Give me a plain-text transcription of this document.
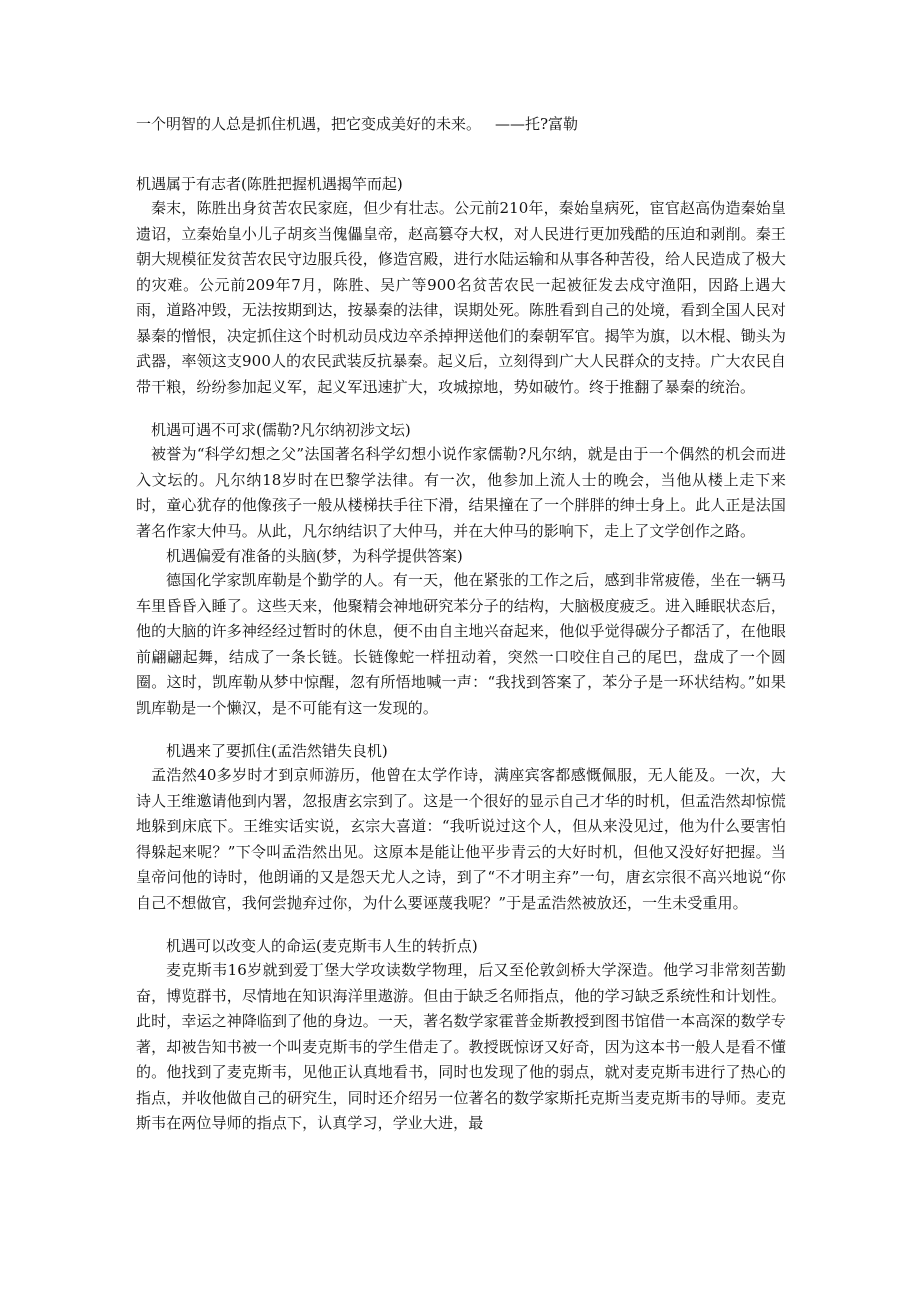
一个明智的人总是抓住机遇，把它变成美好的未来。 ——托?富勒

机遇属于有志者(陈胜把握机遇揭竿而起)

秦末，陈胜出身贫苦农民家庭，但少有壮志。公元前210年，秦始皇病死，宦官赵高伪造秦始皇遗诏，立秦始皇小儿子胡亥当傀儡皇帝，赵高篡夺大权，对人民进行更加残酷的压迫和剥削。秦王朝大规模征发贫苦农民守边服兵役，修造宫殿，进行水陆运输和从事各种苦役，给人民造成了极大的灾难。公元前209年7月，陈胜、吴广等900名贫苦农民一起被征发去戍守渔阳，因路上遇大雨，道路冲毁，无法按期到达，按暴秦的法律，误期处死。陈胜看到自己的处境，看到全国人民对暴秦的憎恨，决定抓住这个时机动员戍边卒杀掉押送他们的秦朝军官。揭竿为旗，以木棍、锄头为武器，率领这支900人的农民武装反抗暴秦。起义后，立刻得到广大人民群众的支持。广大农民自带干粮，纷纷参加起义军，起义军迅速扩大，攻城掠地，势如破竹。终于推翻了暴秦的统治。

机遇可遇不可求(儒勒?凡尔纳初涉文坛)

被誉为“科学幻想之父”法国著名科学幻想小说作家儒勒?凡尔纳，就是由于一个偶然的机会而进入文坛的。凡尔纳18岁时在巴黎学法律。有一次，他参加上流人士的晚会，当他从楼上走下来时，童心犹存的他像孩子一般从楼梯扶手往下滑，结果撞在了一个胖胖的绅士身上。此人正是法国著名作家大仲马。从此，凡尔纳结识了大仲马，并在大仲马的影响下，走上了文学创作之路。

机遇偏爱有准备的头脑(梦，为科学提供答案)

德国化学家凯库勒是个勤学的人。有一天，他在紧张的工作之后，感到非常疲倦，坐在一辆马车里昏昏入睡了。这些天来，他聚精会神地研究苯分子的结构，大脑极度疲乏。进入睡眠状态后，他的大脑的许多神经经过暂时的休息，便不由自主地兴奋起来，他似乎觉得碳分子都活了，在他眼前翩翩起舞，结成了一条长链。长链像蛇一样扭动着，突然一口咬住自己的尾巴，盘成了一个圆圈。这时，凯库勒从梦中惊醒，忽有所悟地喊一声：“我找到答案了，苯分子是一环状结构。”如果凯库勒是一个懒汉，是不可能有这一发现的。

机遇来了要抓住(孟浩然错失良机)

孟浩然40多岁时才到京师游历，他曾在太学作诗，满座宾客都感慨佩服，无人能及。一次，大诗人王维邀请他到内署，忽报唐玄宗到了。这是一个很好的显示自己才华的时机，但孟浩然却惊慌地躲到床底下。王维实话实说，玄宗大喜道：“我听说过这个人，但从来没见过，他为什么要害怕得躲起来呢？”下令叫孟浩然出见。这原本是能让他平步青云的大好时机，但他又没好好把握。当皇帝问他的诗时，他朗诵的又是怨天尤人之诗，到了“不才明主弃”一句，唐玄宗很不高兴地说“你自己不想做官，我何尝抛弃过你，为什么要诬蔑我呢？”于是孟浩然被放还，一生未受重用。

机遇可以改变人的命运(麦克斯韦人生的转折点)

麦克斯韦16岁就到爱丁堡大学攻读数学物理，后又至伦敦剑桥大学深造。他学习非常刻苦勤奋，博览群书，尽情地在知识海洋里遨游。但由于缺乏名师指点，他的学习缺乏系统性和计划性。此时，幸运之神降临到了他的身边。一天，著名数学家霍普金斯教授到图书馆借一本高深的数学专著，却被告知书被一个叫麦克斯韦的学生借走了。教授既惊讶又好奇，因为这本书一般人是看不懂的。他找到了麦克斯韦，见他正认真地看书，同时也发现了他的弱点，就对麦克斯韦进行了热心的指点，并收他做自己的研究生，同时还介绍另一位著名的数学家斯托克斯当麦克斯韦的导师。麦克斯韦在两位导师的指点下，认真学习，学业大进，最
